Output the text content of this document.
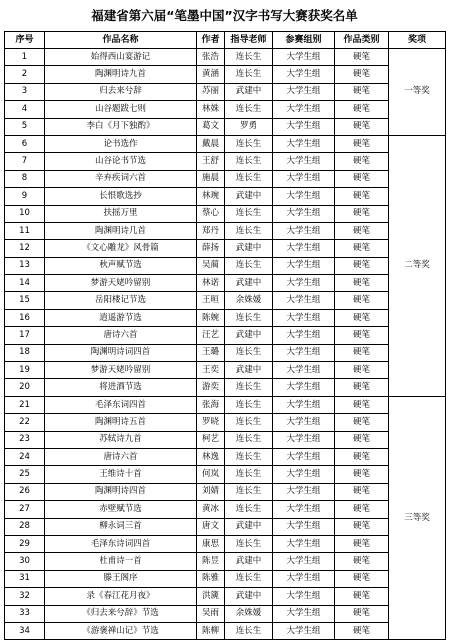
福建省第六届“笔墨中国”汉字书写大赛获奖名单
序号	作品名称	作者	指导老师	参赛组别	作品类别	奖项
1	始得西山宴游记	张浩	连长生	大学生组	硬笔	一等奖
2	陶渊明诗九首	黄涵	连长生	大学生组	硬笔	
3	归去来兮辞	苏丽	武建中	大学生组	硬笔	
4	山谷题跋七则	林姝	连长生	大学生组	硬笔	
5	李白《月下独酌》	葛文	罗勇	大学生组	硬笔	
6	论书选作	戴晨	连长生	大学生组	硬笔	二等奖
7	山谷论书节选	王舒	连长生	大学生组	硬笔	
8	辛弃疾词六首	施晨	连长生	大学生组	硬笔	
9	长恨歌选抄	林琬	武建中	大学生组	硬笔	
10	扶摇万里	蔡心	连长生	大学生组	硬笔	
11	陶渊明诗几首	郑丹	连长生	大学生组	硬笔	
12	《文心雕龙》风骨篇	薛扬	武建中	大学生组	硬笔	
13	秋声赋节选	吴蔺	连长生	大学生组	硬笔	
14	梦游天姥吟留别	林诺	武建中	大学生组	硬笔	
15	岳阳楼记节选	王晅	余姝媛	大学生组	硬笔	
16	逍遥游节选	陈婉	连长生	大学生组	硬笔	
17	唐诗六首	汪艺	武建中	大学生组	硬笔	
18	陶渊明诗词四首	王璐	连长生	大学生组	硬笔	
19	梦游天姥吟留别	王奕	武建中	大学生组	硬笔	
20	将进酒节选	游奕	连长生	大学生组	硬笔	
21	毛泽东词四首	张海	连长生	大学生组	硬笔	三等奖
22	陶渊明诗五首	罗晓	连长生	大学生组	硬笔	
23	苏轼诗九首	柯艺	连长生	大学生组	硬笔	
24	唐诗六首	林逸	连长生	大学生组	硬笔	
25	王维诗十首	何岚	连长生	大学生组	硬笔	
26	陶渊明诗四首	刘婧	连长生	大学生组	硬笔	
27	赤壁赋节选	黄冰	连长生	大学生组	硬笔	
28	柳永词三首	唐文	武建中	大学生组	硬笔	
29	毛泽东诗词四首	康思	连长生	大学生组	硬笔	
30	杜甫诗一首	陈昱	武建中	大学生组	硬笔	
31	滕王阁序	陈雅	连长生	大学生组	硬笔	
32	录《春江花月夜》	洪篪	武建中	大学生组	硬笔	
33	《归去来兮辞》节选	吴雨	余姝媛	大学生组	硬笔	
34	《游褒禅山记》节选	陈柳	连长生	大学生组	硬笔	
